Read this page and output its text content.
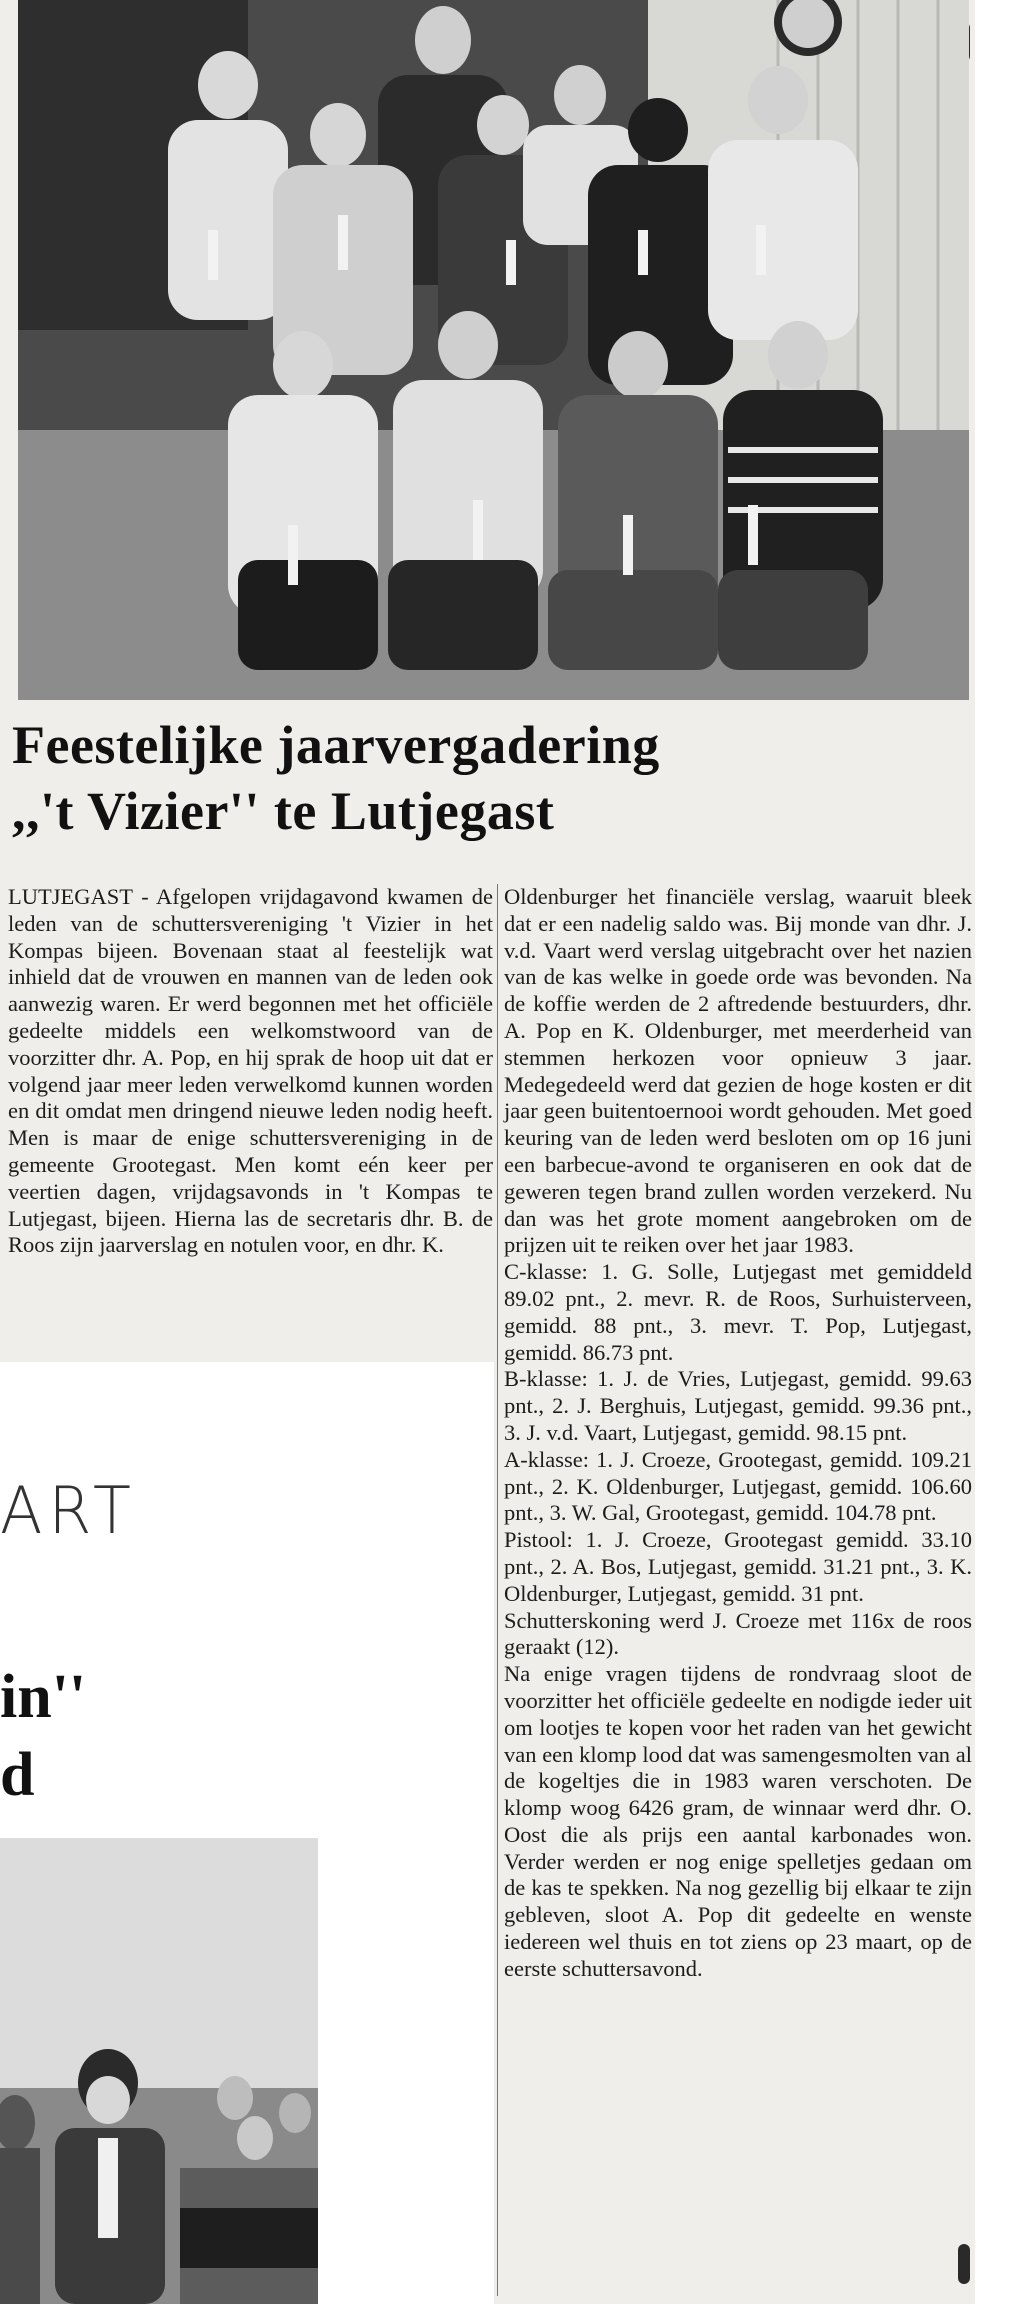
Feestelijke jaarvergadering
,,'t Vizier'' te Lutjegast

LUTJEGAST - Afgelopen vrijdagavond kwamen de leden van de schuttersvereniging 't Vizier in het Kompas bijeen. Bovenaan staat al feestelijk wat inhield dat de vrouwen en mannen van de leden ook aanwezig waren. Er werd begonnen met het officiële gedeelte middels een welkomstwoord van de voorzitter dhr. A. Pop, en hij sprak de hoop uit dat er volgend jaar meer leden verwelkomd kunnen worden en dit omdat men dringend nieuwe leden nodig heeft. Men is maar de enige schuttersvereniging in de gemeente Grootegast. Men komt eén keer per veertien dagen, vrijdagsavonds in 't Kompas te Lutjegast, bijeen. Hierna las de secretaris dhr. B. de Roos zijn jaarverslag en notulen voor, en dhr. K.

Oldenburger het financiële verslag, waaruit bleek dat er een nadelig saldo was. Bij monde van dhr. J. v.d. Vaart werd verslag uitgebracht over het nazien van de kas welke in goede orde was bevonden. Na de koffie werden de 2 aftredende bestuurders, dhr. A. Pop en K. Oldenburger, met meerderheid van stemmen herkozen voor opnieuw 3 jaar. Medegedeeld werd dat gezien de hoge kosten er dit jaar geen buitentoernooi wordt gehouden. Met goed keuring van de leden werd besloten om op 16 juni een barbecue-avond te organiseren en ook dat de geweren tegen brand zullen worden verzekerd. Nu dan was het grote moment aangebroken om de prijzen uit te reiken over het jaar 1983.

C-klasse: 1. G. Solle, Lutjegast met gemiddeld 89.02 pnt., 2. mevr. R. de Roos, Surhuisterveen, gemidd. 88 pnt., 3. mevr. T. Pop, Lutjegast, gemidd. 86.73 pnt.

B-klasse: 1. J. de Vries, Lutjegast, gemidd. 99.63 pnt., 2. J. Berghuis, Lutjegast, gemidd. 99.36 pnt., 3. J. v.d. Vaart, Lutjegast, gemidd. 98.15 pnt.

A-klasse: 1. J. Croeze, Grootegast, gemidd. 109.21 pnt., 2. K. Oldenburger, Lutjegast, gemidd. 106.60 pnt., 3. W. Gal, Grootegast, gemidd. 104.78 pnt.

Pistool: 1. J. Croeze, Grootegast gemidd. 33.10 pnt., 2. A. Bos, Lutjegast, gemidd. 31.21 pnt., 3. K. Oldenburger, Lutjegast, gemidd. 31 pnt.

Schutterskoning werd J. Croeze met 116x de roos geraakt (12).

Na enige vragen tijdens de rondvraag sloot de voorzitter het officiële gedeelte en nodigde ieder uit om lootjes te kopen voor het raden van het gewicht van een klomp lood dat was samengesmolten van al de kogeltjes die in 1983 waren verschoten. De klomp woog 6426 gram, de winnaar werd dhr. O. Oost die als prijs een aantal karbonades won. Verder werden er nog enige spelletjes gedaan om de kas te spekken. Na nog gezellig bij elkaar te zijn gebleven, sloot A. Pop dit gedeelte en wenste iedereen wel thuis en tot ziens op 23 maart, op de eerste schuttersavond.

ART
in''
d
